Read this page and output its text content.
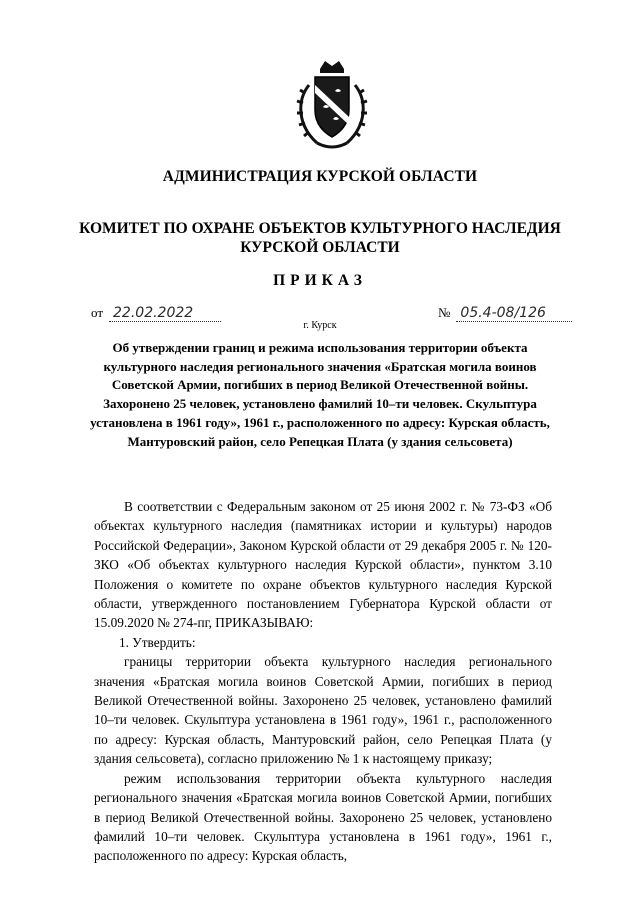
АДМИНИСТРАЦИЯ КУРСКОЙ ОБЛАСТИ
КОМИТЕТ ПО ОХРАНЕ ОБЪЕКТОВ КУЛЬТУРНОГО НАСЛЕДИЯ
КУРСКОЙ ОБЛАСТИ
ПРИКАЗ
от 22.02.2022	№ 05.4-08/126
г. Курск
Об утверждении границ и режима использования территории объекта культурного наследия регионального значения «Братская могила воинов Советской Армии, погибших в период Великой Отечественной войны. Захоронено 25 человек, установлено фамилий 10–ти человек. Скульптура установлена в 1961 году», 1961 г., расположенного по адресу: Курская область, Мантуровский район, село Репецкая Плата (у здания сельсовета)

В соответствии с Федеральным законом от 25 июня 2002 г. № 73-ФЗ «Об объектах культурного наследия (памятниках истории и культуры) народов Российской Федерации», Законом Курской области от 29 декабря 2005 г. № 120-ЗКО «Об объектах культурного наследия Курской области», пунктом 3.10 Положения о комитете по охране объектов культурного наследия Курской области, утвержденного постановлением Губернатора Курской области от 15.09.2020 № 274-пг, ПРИКАЗЫВАЮ:

1. Утвердить:

границы территории объекта культурного наследия регионального значения «Братская могила воинов Советской Армии, погибших в период Великой Отечественной войны. Захоронено 25 человек, установлено фамилий 10–ти человек. Скульптура установлена в 1961 году», 1961 г., расположенного по адресу: Курская область, Мантуровский район, село Репецкая Плата (у здания сельсовета), согласно приложению № 1 к настоящему приказу;

режим использования территории объекта культурного наследия регионального значения «Братская могила воинов Советской Армии, погибших в период Великой Отечественной войны. Захоронено 25 человек, установлено фамилий 10–ти человек. Скульптура установлена в 1961 году», 1961 г., расположенного по адресу: Курская область,
